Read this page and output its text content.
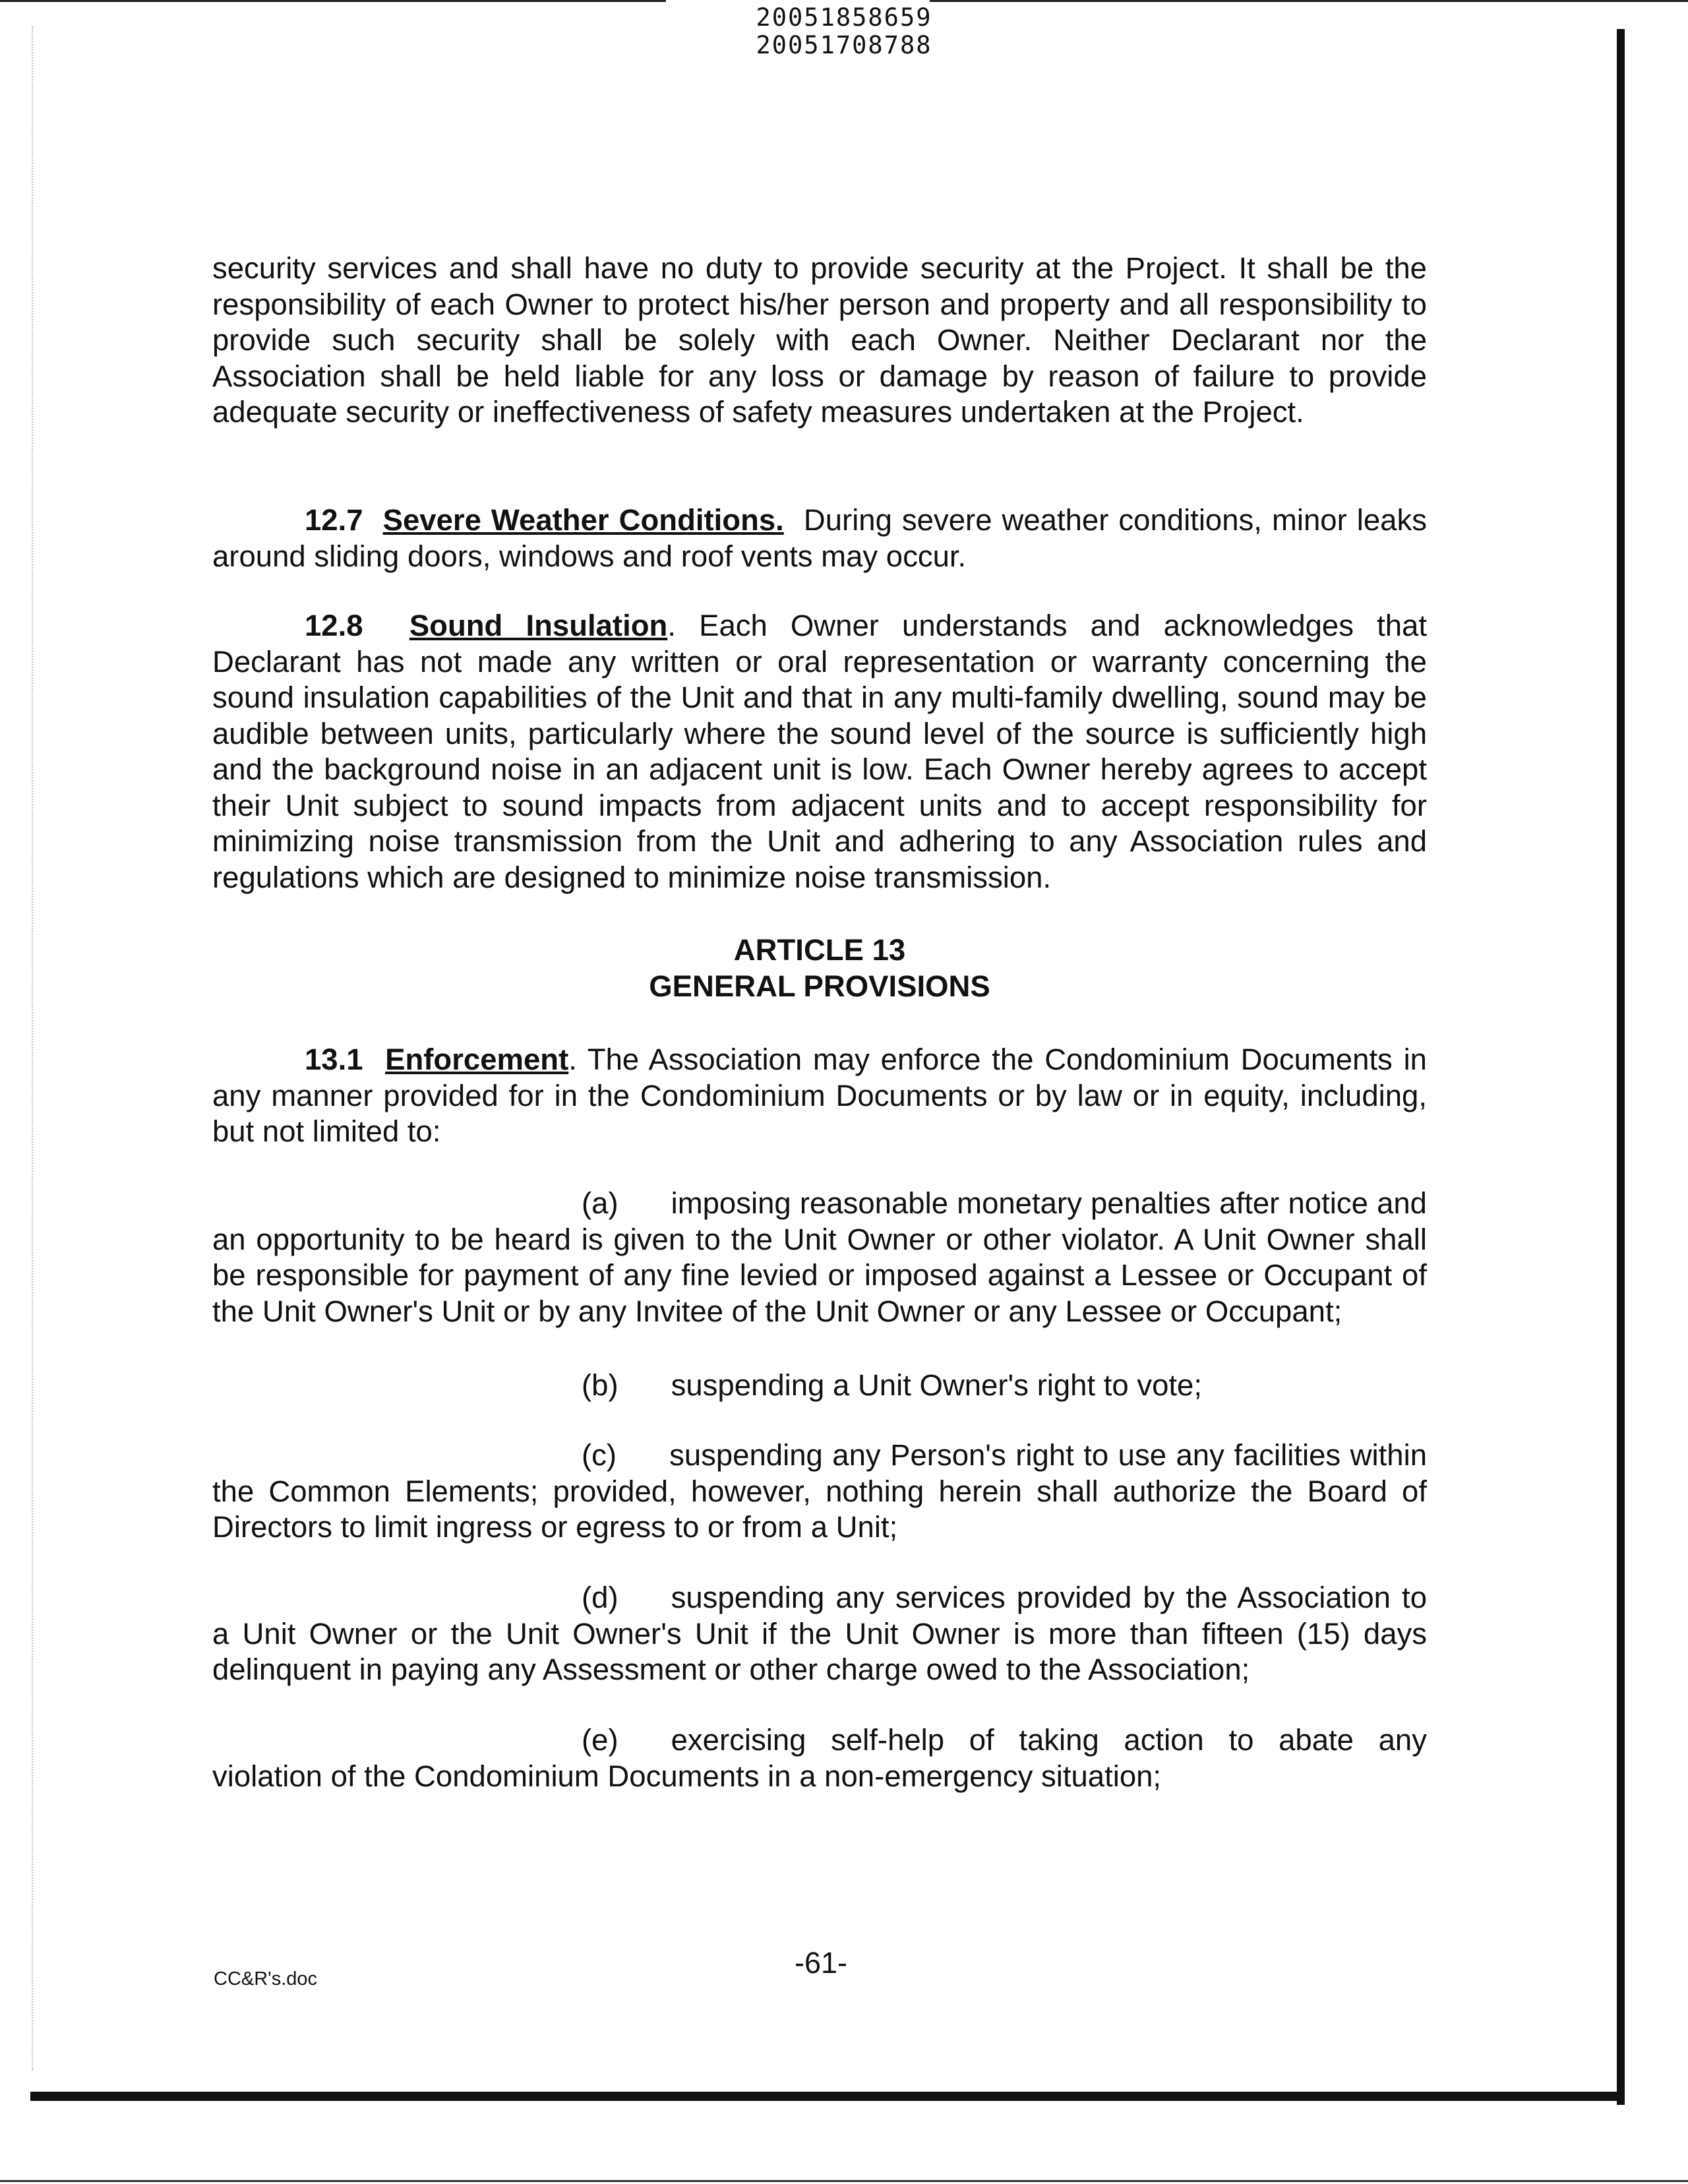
20051858659
20051708788

security services and shall have no duty to provide security at the Project. It shall be the responsibility of each Owner to protect his/her person and property and all responsibility to provide such security shall be solely with each Owner. Neither Declarant nor the Association shall be held liable for any loss or damage by reason of failure to provide adequate security or ineffectiveness of safety measures undertaken at the Project.

12.7 Severe Weather Conditions. During severe weather conditions, minor leaks around sliding doors, windows and roof vents may occur.

12.8 Sound Insulation. Each Owner understands and acknowledges that Declarant has not made any written or oral representation or warranty concerning the sound insulation capabilities of the Unit and that in any multi-family dwelling, sound may be audible between units, particularly where the sound level of the source is sufficiently high and the background noise in an adjacent unit is low. Each Owner hereby agrees to accept their Unit subject to sound impacts from adjacent units and to accept responsibility for minimizing noise transmission from the Unit and adhering to any Association rules and regulations which are designed to minimize noise transmission.

ARTICLE 13
GENERAL PROVISIONS

13.1 Enforcement. The Association may enforce the Condominium Documents in any manner provided for in the Condominium Documents or by law or in equity, including, but not limited to:

(a) imposing reasonable monetary penalties after notice and an opportunity to be heard is given to the Unit Owner or other violator. A Unit Owner shall be responsible for payment of any fine levied or imposed against a Lessee or Occupant of the Unit Owner's Unit or by any Invitee of the Unit Owner or any Lessee or Occupant;

(b) suspending a Unit Owner's right to vote;

(c) suspending any Person's right to use any facilities within the Common Elements; provided, however, nothing herein shall authorize the Board of Directors to limit ingress or egress to or from a Unit;

(d) suspending any services provided by the Association to a Unit Owner or the Unit Owner's Unit if the Unit Owner is more than fifteen (15) days delinquent in paying any Assessment or other charge owed to the Association;

(e) exercising self-help of taking action to abate any violation of the Condominium Documents in a non-emergency situation;

CC&R's.doc	-61-
